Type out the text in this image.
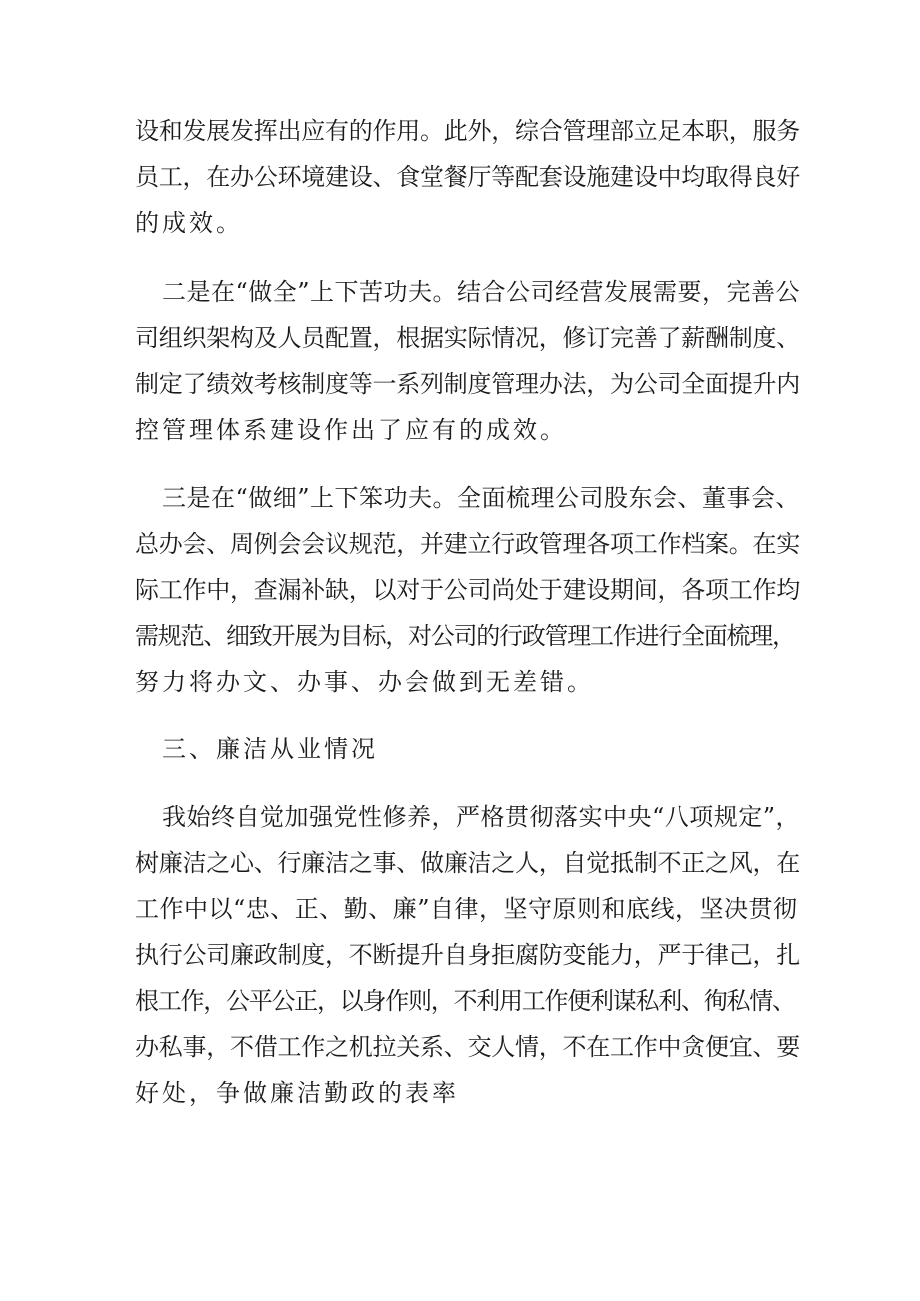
设和发展发挥出应有的作用。此外，综合管理部立足本职，服务
员工，在办公环境建设、食堂餐厅等配套设施建设中均取得良好
的成效。
二是在“做全”上下苦功夫。结合公司经营发展需要，完善公
司组织架构及人员配置，根据实际情况，修订完善了薪酬制度、
制定了绩效考核制度等一系列制度管理办法，为公司全面提升内
控管理体系建设作出了应有的成效。
三是在“做细”上下笨功夫。全面梳理公司股东会、董事会、
总办会、周例会会议规范，并建立行政管理各项工作档案。在实
际工作中，查漏补缺，以对于公司尚处于建设期间，各项工作均
需规范、细致开展为目标，对公司的行政管理工作进行全面梳理，
努力将办文、办事、办会做到无差错。
三、廉洁从业情况
我始终自觉加强党性修养，严格贯彻落实中央“八项规定”，
树廉洁之心、行廉洁之事、做廉洁之人，自觉抵制不正之风，在
工作中以“忠、正、勤、廉”自律，坚守原则和底线，坚决贯彻
执行公司廉政制度，不断提升自身拒腐防变能力，严于律己，扎
根工作，公平公正，以身作则，不利用工作便利谋私利、徇私情、
办私事，不借工作之机拉关系、交人情，不在工作中贪便宜、要
好处，争做廉洁勤政的表率
